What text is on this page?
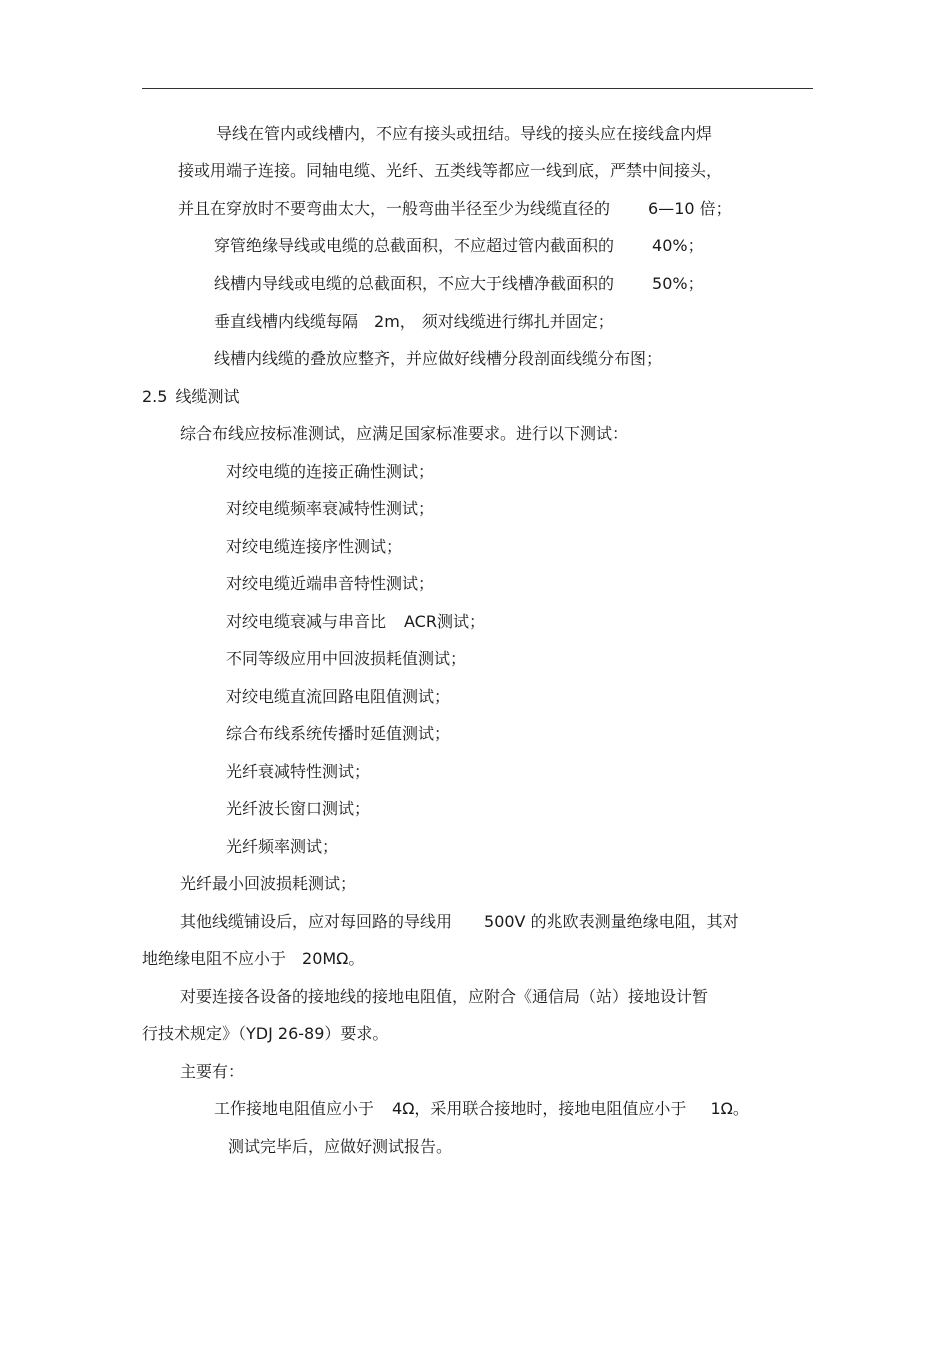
导线在管内或线槽内，不应有接头或扭结。导线的接头应在接线盒内焊
接或用端子连接。同轴电缆、光纤、五类线等都应一线到底，严禁中间接头，
并且在穿放时不要弯曲太大，一般弯曲半径至少为线缆直径的 6—10 倍；
穿管绝缘导线或电缆的总截面积，不应超过管内截面积的 40%；
线槽内导线或电缆的总截面积，不应大于线槽净截面积的 50%；
垂直线槽内线缆每隔 2m， 须对线缆进行绑扎并固定；
线槽内线缆的叠放应整齐，并应做好线槽分段剖面线缆分布图；
2.5 线缆测试
综合布线应按标准测试，应满足国家标准要求。进行以下测试：
对绞电缆的连接正确性测试；
对绞电缆频率衰减特性测试；
对绞电缆连接序性测试；
对绞电缆近端串音特性测试；
对绞电缆衰减与串音比 ACR测试；
不同等级应用中回波损耗值测试；
对绞电缆直流回路电阻值测试；
综合布线系统传播时延值测试；
光纤衰减特性测试；
光纤波长窗口测试；
光纤频率测试；
光纤最小回波损耗测试；
其他线缆铺设后，应对每回路的导线用 500V 的兆欧表测量绝缘电阻，其对
地绝缘电阻不应小于 20MΩ。
对要连接各设备的接地线的接地电阻值，应附合《通信局（站）接地设计暂
行技术规定》（YDJ 26-89）要求。
主要有：
工作接地电阻值应小于 4Ω，采用联合接地时，接地电阻值应小于 1Ω。
测试完毕后，应做好测试报告。
